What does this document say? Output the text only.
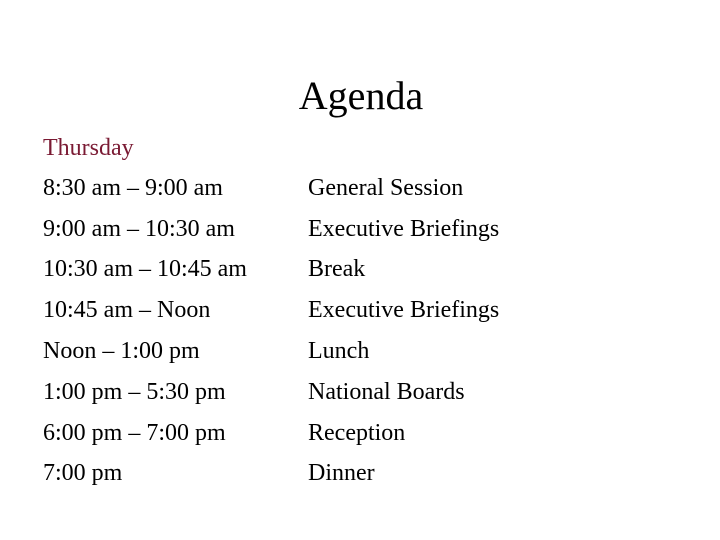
Agenda
Thursday
8:30 am – 9:00 am	General Session
9:00 am – 10:30 am	Executive Briefings
10:30 am – 10:45 am	Break
10:45 am – Noon	Executive Briefings
Noon – 1:00 pm	Lunch
1:00 pm – 5:30 pm	National Boards
6:00 pm – 7:00 pm	Reception
7:00 pm	Dinner
